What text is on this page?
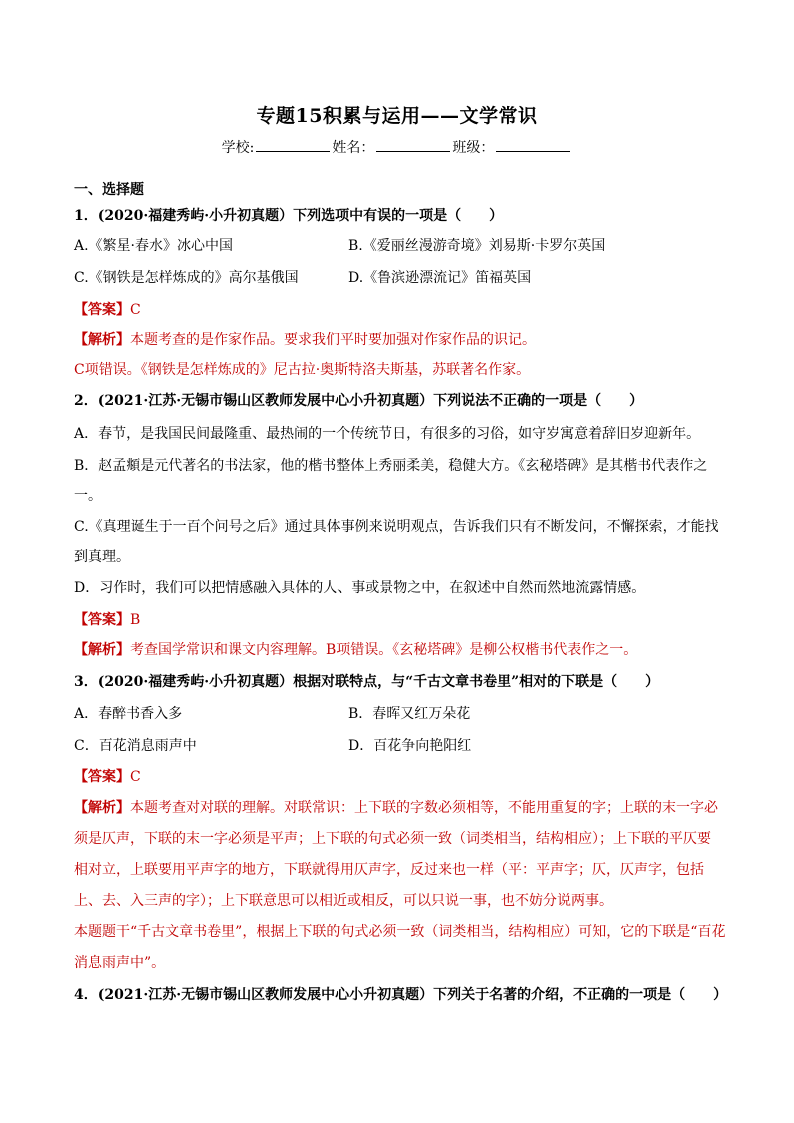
专题15积累与运用——文学常识
学校:	姓名：	班级：
一、选择题
1．(2020·福建秀屿·小升初真题）下列选项中有误的一项是（　　）
A.《繁星·春水》冰心中国	B.《爱丽丝漫游奇境》刘易斯·卡罗尔英国
C.《钢铁是怎样炼成的》高尔基俄国	D.《鲁滨逊漂流记》笛福英国
【答案】C
【解析】本题考查的是作家作品。要求我们平时要加强对作家作品的识记。
C项错误。《钢铁是怎样炼成的》尼古拉·奥斯特洛夫斯基，苏联著名作家。
2．(2021·江苏·无锡市锡山区教师发展中心小升初真题）下列说法不正确的一项是（　　）
A．春节，是我国民间最隆重、最热闹的一个传统节日，有很多的习俗，如守岁寓意着辞旧岁迎新年。
B．赵孟頫是元代著名的书法家，他的楷书整体上秀丽柔美，稳健大方。《玄秘塔碑》是其楷书代表作之
一。
C.《真理诞生于一百个问号之后》通过具体事例来说明观点，告诉我们只有不断发问，不懈探索，才能找
到真理。
D．习作时，我们可以把情感融入具体的人、事或景物之中，在叙述中自然而然地流露情感。
【答案】B
【解析】考查国学常识和课文内容理解。B项错误。《玄秘塔碑》是柳公权楷书代表作之一。
3．(2020·福建秀屿·小升初真题）根据对联特点，与“千古文章书卷里”相对的下联是（　　）
A．春醉书香入多	B．春晖又红万朵花
C．百花消息雨声中	D．百花争向艳阳红
【答案】C
【解析】本题考查对对联的理解。对联常识：上下联的字数必须相等，不能用重复的字；上联的末一字必
须是仄声，下联的末一字必须是平声；上下联的句式必须一致（词类相当，结构相应）；上下联的平仄要
相对立，上联要用平声字的地方，下联就得用仄声字，反过来也一样（平：平声字；仄，仄声字，包括
上、去、入三声的字）；上下联意思可以相近或相反，可以只说一事，也不妨分说两事。
本题题干“千古文章书卷里”，根据上下联的句式必须一致（词类相当，结构相应）可知，它的下联是“百花
消息雨声中”。
4．(2021·江苏·无锡市锡山区教师发展中心小升初真题）下列关于名著的介绍，不正确的一项是（　　）
